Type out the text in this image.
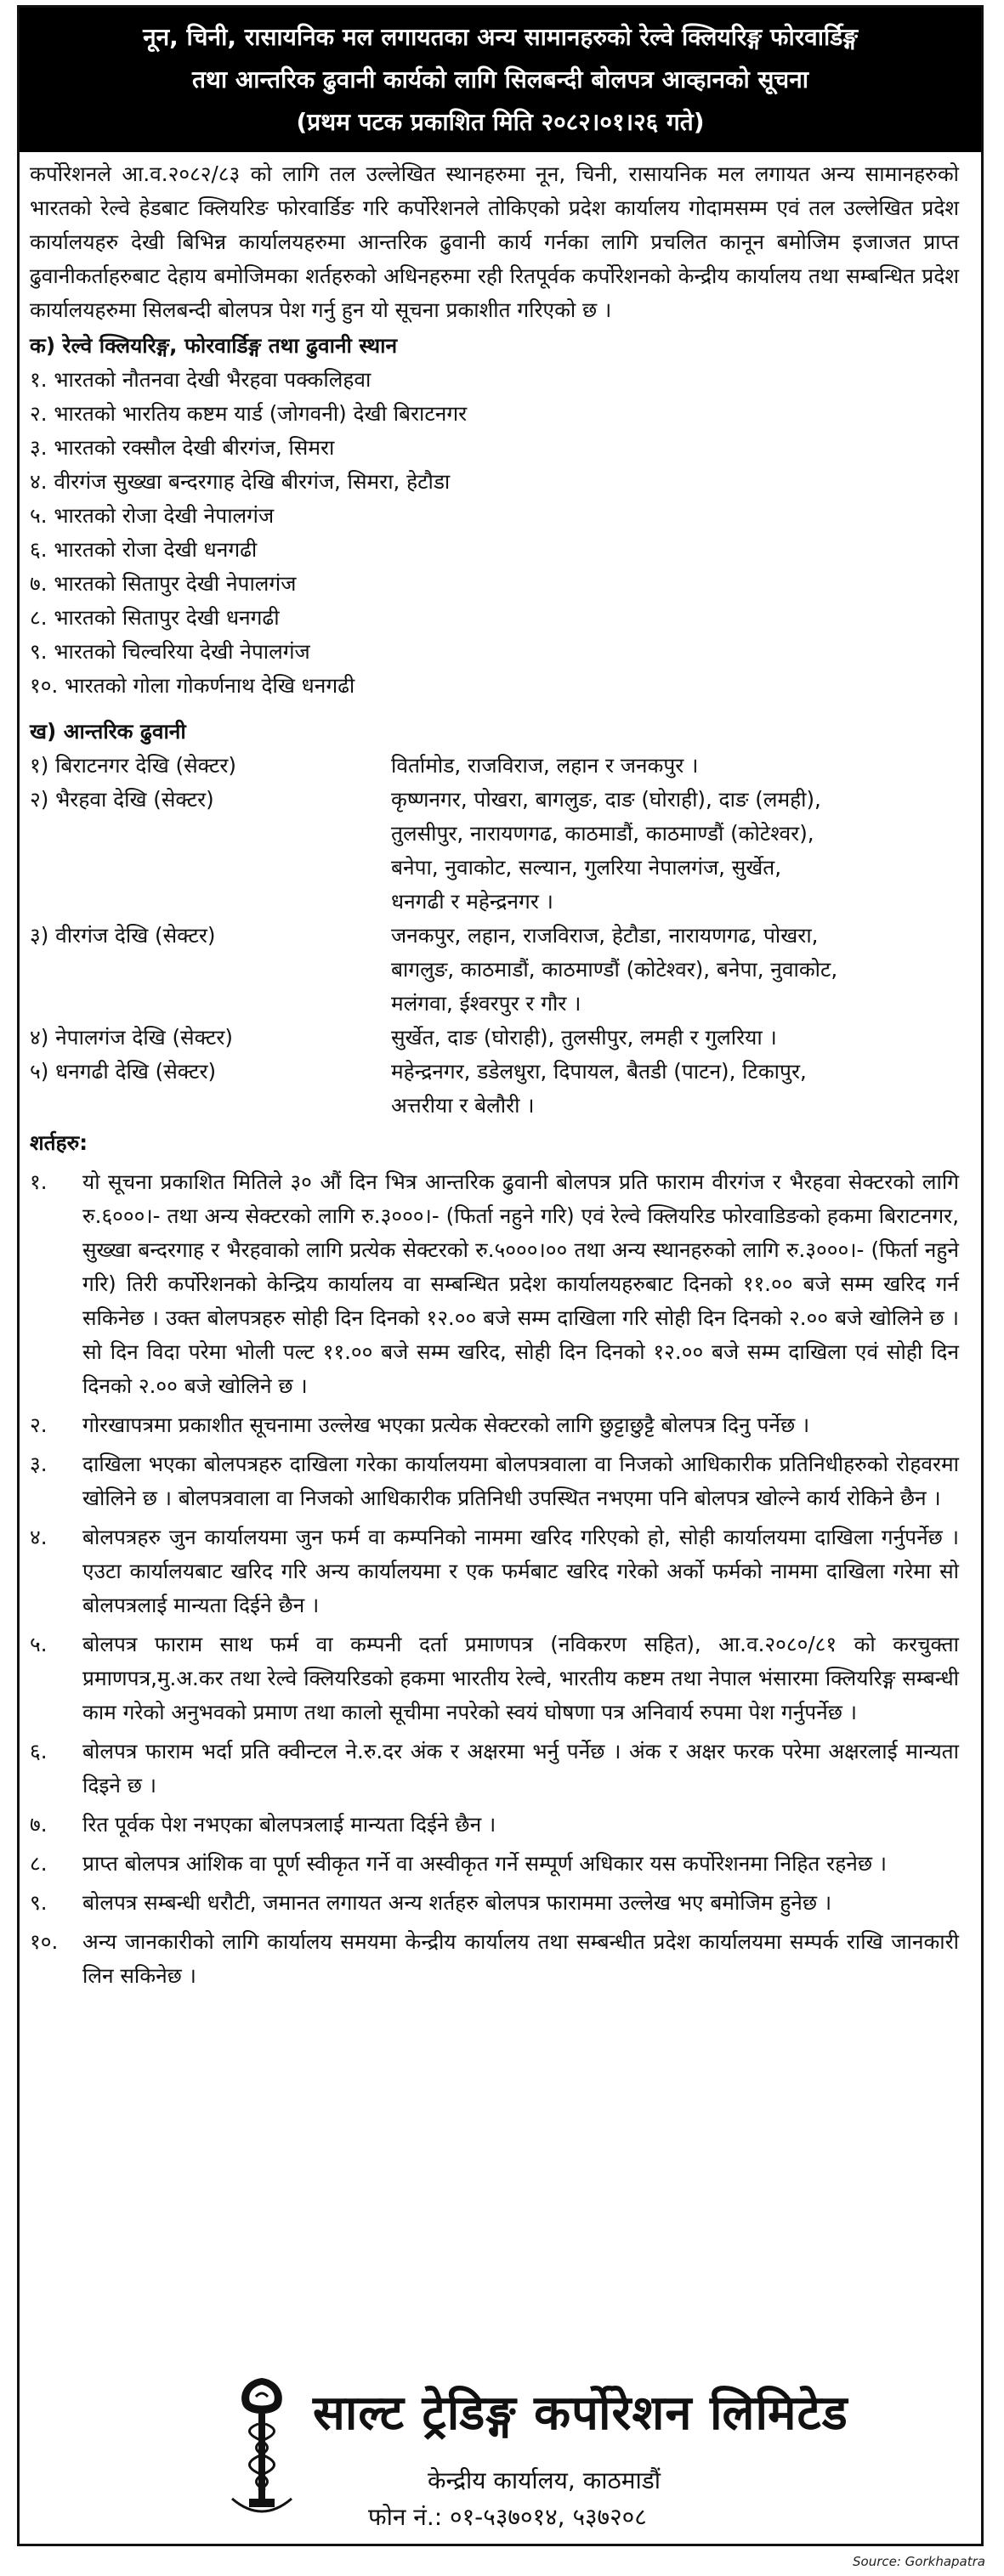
नून, चिनी, रासायनिक मल लगायतका अन्य सामानहरुको रेल्वे क्लियरिङ्ग फोरवार्डिङ्ग
तथा आन्तरिक ढुवानी कार्यको लागि सिलबन्दी बोलपत्र आव्हानको सूचना
(प्रथम पटक प्रकाशित मिति २०८२।०१।२६ गते)

कर्पोरेशनले आ.व.२०८२/८३ को लागि तल उल्लेखित स्थानहरुमा नून, चिनी, रासायनिक मल लगायत अन्य सामानहरुको भारतको रेल्वे हेडबाट क्लियरिङ फोरवार्डिङ गरि कर्पोरेशनले तोकिएको प्रदेश कार्यालय गोदामसम्म एवं तल उल्लेखित प्रदेश कार्यालयहरु देखी बिभिन्न कार्यालयहरुमा आन्तरिक ढुवानी कार्य गर्नका लागि प्रचलित कानून बमोजिम इजाजत प्राप्त ढुवानीकर्ताहरुबाट देहाय बमोजिमका शर्तहरुको अधिनहरुमा रही रितपूर्वक कर्पोरेशनको केन्द्रीय कार्यालय तथा सम्बन्धित प्रदेश कार्यालयहरुमा सिलबन्दी बोलपत्र पेश गर्नु हुन यो सूचना प्रकाशीत गरिएको छ ।

क) रेल्वे क्लियरिङ्ग, फोरवार्डिङ्ग तथा ढुवानी स्थान
१. भारतको नौतनवा देखी भैरहवा पक्कलिहवा
२. भारतको भारतिय कष्टम यार्ड (जोगवनी) देखी बिराटनगर
३. भारतको रक्सौल देखी बीरगंज, सिमरा
४. वीरगंज सुख्खा बन्दरगाह देखि बीरगंज, सिमरा, हेटौडा
५. भारतको रोजा देखी नेपालगंज
६. भारतको रोजा देखी धनगढी
७. भारतको सितापुर देखी नेपालगंज
८. भारतको सितापुर देखी धनगढी
९. भारतको चिल्वरिया देखी नेपालगंज
१०. भारतको गोला गोकर्णनाथ देखि धनगढी
ख) आन्तरिक ढुवानी
१) बिराटनगर देखि (सेक्टर)	विर्तामोड, राजविराज, लहान र जनकपुर ।
२) भैरहवा देखि (सेक्टर)	कृष्णनगर, पोखरा, बागलुङ, दाङ (घोराही), दाङ (लमही),
तुलसीपुर, नारायणगढ, काठमाडौं, काठमाण्डौं (कोटेश्वर),
बनेपा, नुवाकोट, सल्यान, गुलरिया नेपालगंज, सुर्खेत,
धनगढी र महेन्द्रनगर ।
३) वीरगंज देखि (सेक्टर)	जनकपुर, लहान, राजविराज, हेटौडा, नारायणगढ, पोखरा,
बागलुङ, काठमाडौं, काठमाण्डौं (कोटेश्वर), बनेपा, नुवाकोट,
मलंगवा, ईश्वरपुर र गौर ।
४) नेपालगंज देखि (सेक्टर)	सुर्खेत, दाङ (घोराही), तुलसीपुर, लमही र गुलरिया ।
५) धनगढी देखि (सेक्टर)	महेन्द्रनगर, डडेलधुरा, दिपायल, बैतडी (पाटन), टिकापुर,
अत्तरीया र बेलौरी ।
शर्तहरु:
१.	यो सूचना प्रकाशित मितिले ३० औं दिन भित्र आन्तरिक ढुवानी बोलपत्र प्रति फाराम वीरगंज र भैरहवा सेक्टरको लागि रु.६०००।- तथा अन्य सेक्टरको लागि रु.३०००।- (फिर्ता नहुने गरि) एवं रेल्वे क्लियरिड फोरवाडिङको हकमा बिराटनगर, सुख्खा बन्दरगाह र भैरहवाको लागि प्रत्येक सेक्टरको रु.५०००।०० तथा अन्य स्थानहरुको लागि रु.३०००।- (फिर्ता नहुने गरि) तिरी कर्पोरेशनको केन्द्रिय कार्यालय वा सम्बन्धित प्रदेश कार्यालयहरुबाट दिनको ११.०० बजे सम्म खरिद गर्न सकिनेछ । उक्त बोलपत्रहरु सोही दिन दिनको १२.०० बजे सम्म दाखिला गरि सोही दिन दिनको २.०० बजे खोलिने छ । सो दिन विदा परेमा भोली पल्ट ११.०० बजे सम्म खरिद, सोही दिन दिनको १२.०० बजे सम्म दाखिला एवं सोही दिन दिनको २.०० बजे खोलिने छ ।
२.	गोरखापत्रमा प्रकाशीत सूचनामा उल्लेख भएका प्रत्येक सेक्टरको लागि छुट्टाछुट्टै बोलपत्र दिनु पर्नेछ ।
३.	दाखिला भएका बोलपत्रहरु दाखिला गरेका कार्यालयमा बोलपत्रवाला वा निजको आधिकारीक प्रतिनिधीहरुको रोहवरमा खोलिने छ । बोलपत्रवाला वा निजको आधिकारीक प्रतिनिधी उपस्थित नभएमा पनि बोलपत्र खोल्ने कार्य रोकिने छैन ।
४.	बोलपत्रहरु जुन कार्यालयमा जुन फर्म वा कम्पनिको नाममा खरिद गरिएको हो, सोही कार्यालयमा दाखिला गर्नुपर्नेछ । एउटा कार्यालयबाट खरिद गरि अन्य कार्यालयमा र एक फर्मबाट खरिद गरेको अर्को फर्मको नाममा दाखिला गरेमा सो बोलपत्रलाई मान्यता दिईने छैन ।
५.	बोलपत्र फाराम साथ फर्म वा कम्पनी दर्ता प्रमाणपत्र (नविकरण सहित), आ.व.२०८०/८१ को करचुक्ता प्रमाणपत्र,मु.अ.कर तथा रेल्वे क्लियरिडको हकमा भारतीय रेल्वे, भारतीय कष्टम तथा नेपाल भंसारमा क्लियरिङ्ग सम्बन्धी काम गरेको अनुभवको प्रमाण तथा कालो सूचीमा नपरेको स्वयं घोषणा पत्र अनिवार्य रुपमा पेश गर्नुपर्नेछ ।
६.	बोलपत्र फाराम भर्दा प्रति क्वीन्टल ने.रु.दर अंक र अक्षरमा भर्नु पर्नेछ । अंक र अक्षर फरक परेमा अक्षरलाई मान्यता दिइने छ ।
७.	रित पूर्वक पेश नभएका बोलपत्रलाई मान्यता दिईने छैन ।
८.	प्राप्त बोलपत्र आंशिक वा पूर्ण स्वीकृत गर्ने वा अस्वीकृत गर्ने सम्पूर्ण अधिकार यस कर्पोरेशनमा निहित रहनेछ ।
९.	बोलपत्र सम्बन्धी धरौटी, जमानत लगायत अन्य शर्तहरु बोलपत्र फाराममा उल्लेख भए बमोजिम हुनेछ ।
१०.	अन्य जानकारीको लागि कार्यालय समयमा केन्द्रीय कार्यालय तथा सम्बन्धीत प्रदेश कार्यालयमा सम्पर्क राखि जानकारी लिन सकिनेछ ।
साल्ट ट्रेडिङ्ग कर्पोरेशन लिमिटेड
केन्द्रीय कार्यालय, काठमाडौं
फोन नं.: ०१-५३७०१४, ५३७२०८
Source: Gorkhapatra
